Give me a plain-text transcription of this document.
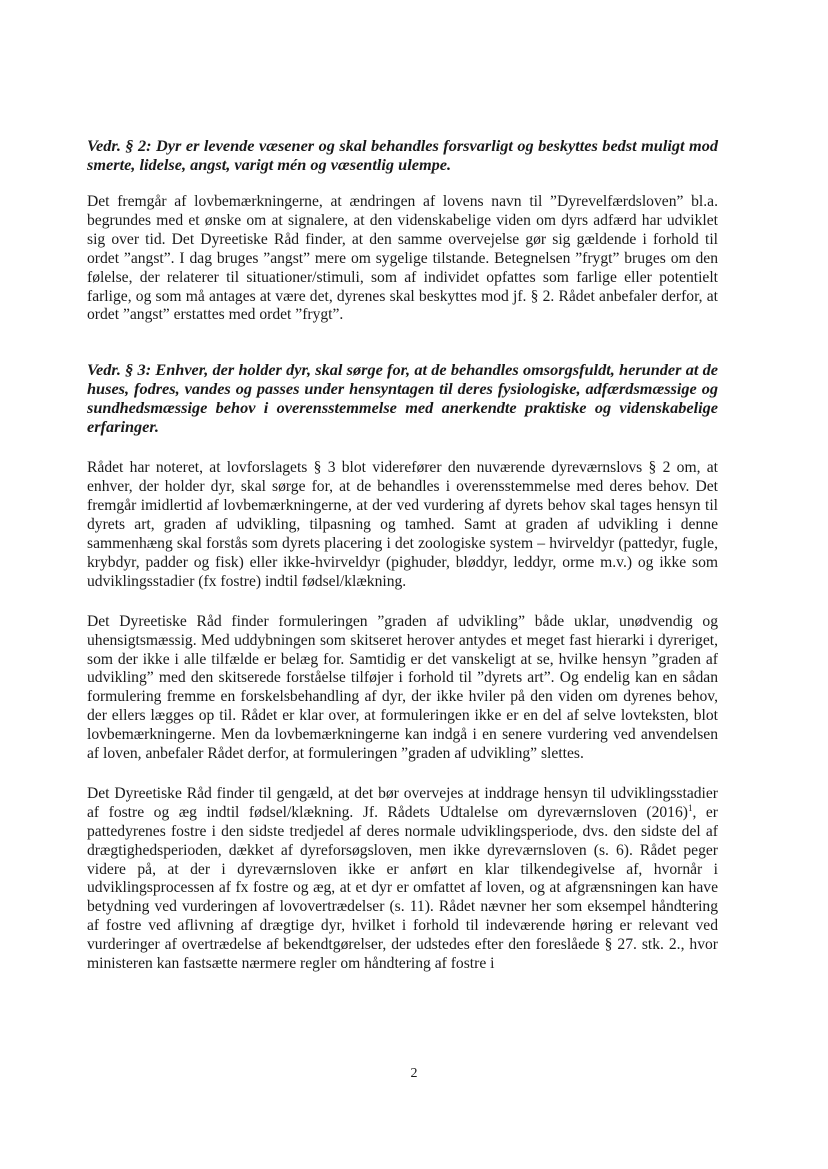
Vedr. § 2: Dyr er levende væsener og skal behandles forsvarligt og beskyttes bedst muligt mod smerte, lidelse, angst, varigt mén og væsentlig ulempe.

Det fremgår af lovbemærkningerne, at ændringen af lovens navn til ”Dyrevelfærdsloven” bl.a. begrundes med et ønske om at signalere, at den videnskabelige viden om dyrs adfærd har udviklet sig over tid. Det Dyreetiske Råd finder, at den samme overvejelse gør sig gældende i forhold til ordet ”angst”. I dag bruges ”angst” mere om sygelige tilstande. Betegnelsen ”frygt” bruges om den følelse, der relaterer til situationer/stimuli, som af individet opfattes som farlige eller potentielt farlige, og som må antages at være det, dyrenes skal beskyttes mod jf. § 2. Rådet anbefaler derfor, at ordet ”angst” erstattes med ordet ”frygt”.

Vedr. § 3: Enhver, der holder dyr, skal sørge for, at de behandles omsorgsfuldt, herunder at de huses, fodres, vandes og passes under hensyntagen til deres fysiologiske, adfærdsmæssige og sundhedsmæssige behov i overensstemmelse med anerkendte praktiske og videnskabelige erfaringer.

Rådet har noteret, at lovforslagets § 3 blot viderefører den nuværende dyreværnslovs § 2 om, at enhver, der holder dyr, skal sørge for, at de behandles i overensstemmelse med deres behov. Det fremgår imidlertid af lovbemærkningerne, at der ved vurdering af dyrets behov skal tages hensyn til dyrets art, graden af udvikling, tilpasning og tamhed. Samt at graden af udvikling i denne sammenhæng skal forstås som dyrets placering i det zoologiske system – hvirveldyr (pattedyr, fugle, krybdyr, padder og fisk) eller ikke-hvirveldyr (pighuder, bløddyr, leddyr, orme m.v.) og ikke som udviklingsstadier (fx fostre) indtil fødsel/klækning.

Det Dyreetiske Råd finder formuleringen ”graden af udvikling” både uklar, unødvendig og uhensigtsmæssig. Med uddybningen som skitseret herover antydes et meget fast hierarki i dyreriget, som der ikke i alle tilfælde er belæg for. Samtidig er det vanskeligt at se, hvilke hensyn ”graden af udvikling” med den skitserede forståelse tilføjer i forhold til ”dyrets art”. Og endelig kan en sådan formulering fremme en forskelsbehandling af dyr, der ikke hviler på den viden om dyrenes behov, der ellers lægges op til. Rådet er klar over, at formuleringen ikke er en del af selve lovteksten, blot lovbemærkningerne. Men da lovbemærkningerne kan indgå i en senere vurdering ved anvendelsen af loven, anbefaler Rådet derfor, at formuleringen ”graden af udvikling” slettes.

Det Dyreetiske Råd finder til gengæld, at det bør overvejes at inddrage hensyn til udviklingsstadier af fostre og æg indtil fødsel/klækning. Jf. Rådets Udtalelse om dyreværnsloven $(2016)^1$, er pattedyrenes fostre i den sidste tredjedel af deres normale udviklingsperiode, dvs. den sidste del af drægtighedsperioden, dækket af dyreforsøgsloven, men ikke dyreværnsloven (s. 6). Rådet peger videre på, at der i dyreværnsloven ikke er anført en klar tilkendegivelse af, hvornår i udviklingsprocessen af fx fostre og æg, at et dyr er omfattet af loven, og at afgrænsningen kan have betydning ved vurderingen af lovovertrædelser (s. 11). Rådet nævner her som eksempel håndtering af fostre ved aflivning af drægtige dyr, hvilket i forhold til indeværende høring er relevant ved vurderinger af overtrædelse af bekendtgørelser, der udstedes efter den foreslåede § 27. stk. 2., hvor ministeren kan fastsætte nærmere regler om håndtering af fostre i

2
